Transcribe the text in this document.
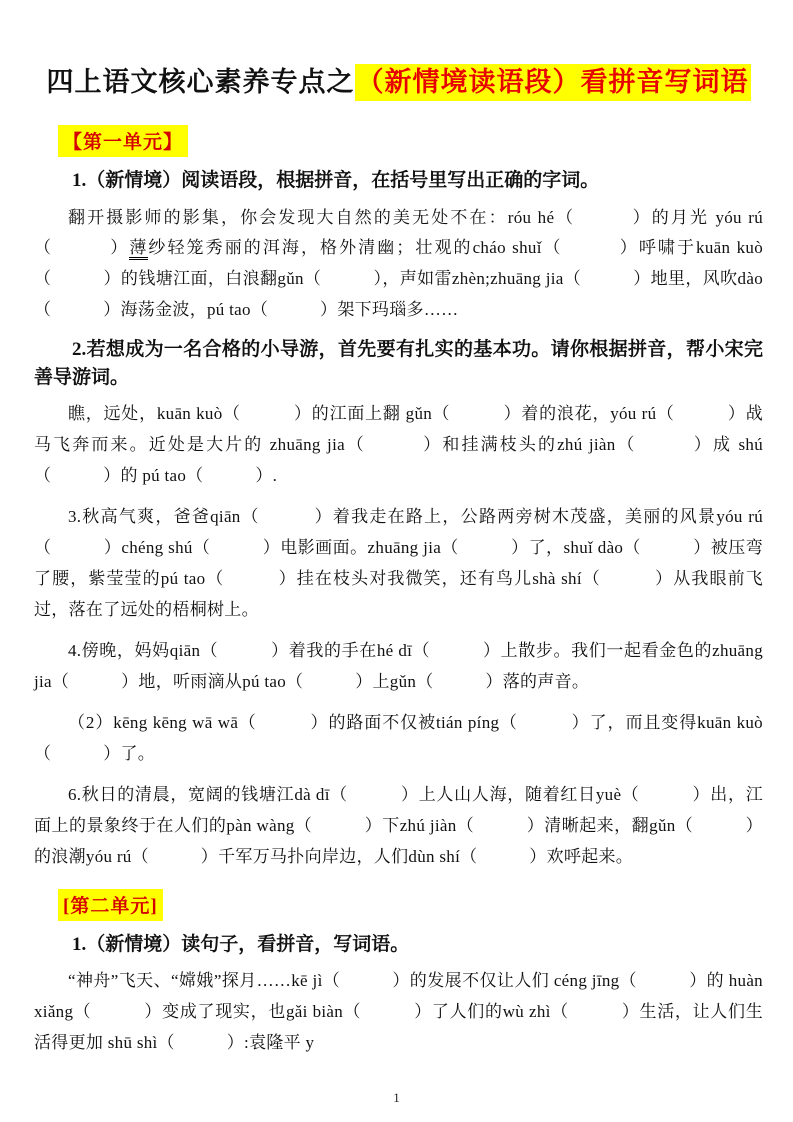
四上语文核心素养专点之（新情境读语段）看拼音写词语
【第一单元】

1.（新情境）阅读语段，根据拼音，在括号里写出正确的字词。

翻开摄影师的影集，你会发现大自然的美无处不在：róu hé（　　　）的月光 yóu rú（　　　）薄纱轻笼秀丽的洱海，格外清幽；壮观的cháo shuǐ（　　　）呼啸于kuān kuò（　　　）的钱塘江面，白浪翻gǔn（　　　），声如雷zhèn;zhuāng jia（　　　）地里，风吹dào（　　　）海荡金波，pú tao（　　　）架下玛瑙多……

2.若想成为一名合格的小导游，首先要有扎实的基本功。请你根据拼音，帮小宋完善导游词。

瞧，远处，kuān kuò（　　　）的江面上翻 gǔn（　　　）着的浪花，yóu rú（　　　）战马飞奔而来。近处是大片的 zhuāng jia（　　　）和挂满枝头的zhú jiàn（　　　）成 shú（　　　）的 pú tao（　　　）.

3.秋高气爽，爸爸qiān（　　　）着我走在路上，公路两旁树木茂盛，美丽的风景yóu rú（　　　）chéng shú（　　　）电影画面。zhuāng jia（　　　）了，shuǐ dào（　　　）被压弯了腰，紫莹莹的pú tao（　　　）挂在枝头对我微笑，还有鸟儿shà shí（　　　）从我眼前飞过，落在了远处的梧桐树上。

4.傍晚，妈妈qiān（　　　）着我的手在hé dī（　　　）上散步。我们一起看金色的zhuāng jia（　　　）地，听雨滴从pú tao（　　　）上gǔn（　　　）落的声音。

（2）kēng kēng wā wā（　　　）的路面不仅被tián píng（　　　）了，而且变得kuān kuò（　　　）了。

6.秋日的清晨，宽阔的钱塘江dà dī（　　　）上人山人海，随着红日yuè（　　　）出，江面上的景象终于在人们的pàn wàng（　　　）下zhú jiàn（　　　）清晰起来，翻gǔn（　　　）的浪潮yóu rú（　　　）千军万马扑向岸边，人们dùn shí（　　　）欢呼起来。

[第二单元]

1.（新情境）读句子，看拼音，写词语。

“神舟”飞天、“嫦娥”探月……kē jì（　　　）的发展不仅让人们 céng jīng（　　　）的 huàn xiǎng（　　　）变成了现实，也gǎi biàn（　　　）了人们的wù zhì（　　　）生活，让人们生活得更加 shū shì（　　　）:袁隆平 y

1
